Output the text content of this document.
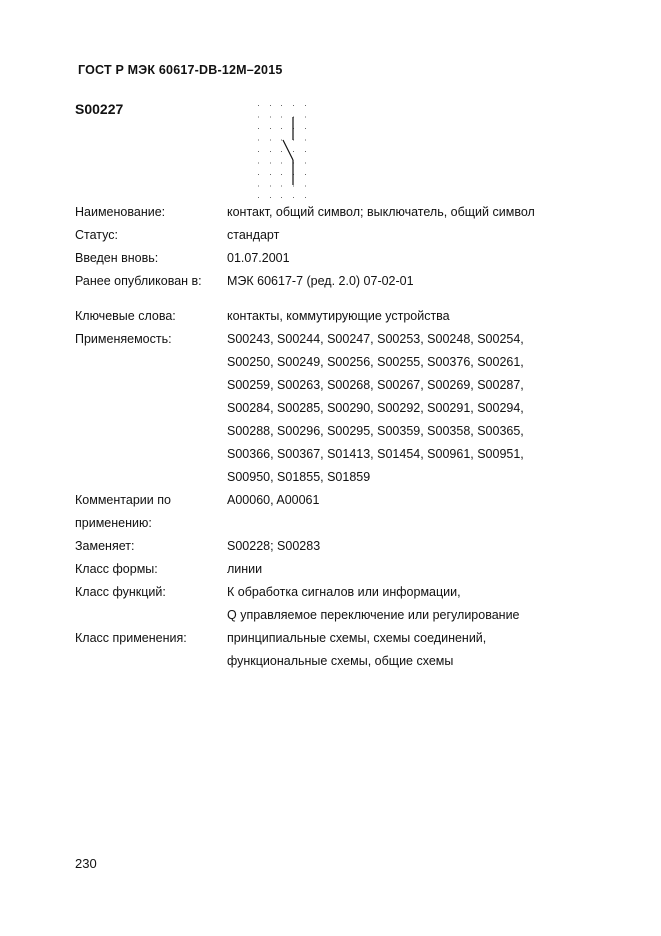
ГОСТ Р МЭК 60617-DB-12M–2015
S00227
Наименование:	контакт, общий символ; выключатель, общий символ
Статус:	стандарт
Введен вновь:	01.07.2001
Ранее опубликован в:	МЭК 60617-7 (ред. 2.0) 07-02-01
Ключевые слова:	контакты, коммутирующие устройства
Применяемость:	S00243, S00244, S00247, S00253, S00248, S00254,
S00250, S00249, S00256, S00255, S00376, S00261,
S00259, S00263, S00268, S00267, S00269, S00287,
S00284, S00285, S00290, S00292, S00291, S00294,
S00288, S00296, S00295, S00359, S00358, S00365,
S00366, S00367, S01413, S01454, S00961, S00951,
S00950, S01855, S01859
Комментарии по
применению:
A00060, A00061
Заменяет:	S00228; S00283
Класс формы:	линии
Класс функций:	К обработка сигналов или информации,
Q управляемое переключение или регулирование
Класс применения:	принципиальные схемы, схемы соединений,
функциональные схемы, общие схемы
230
